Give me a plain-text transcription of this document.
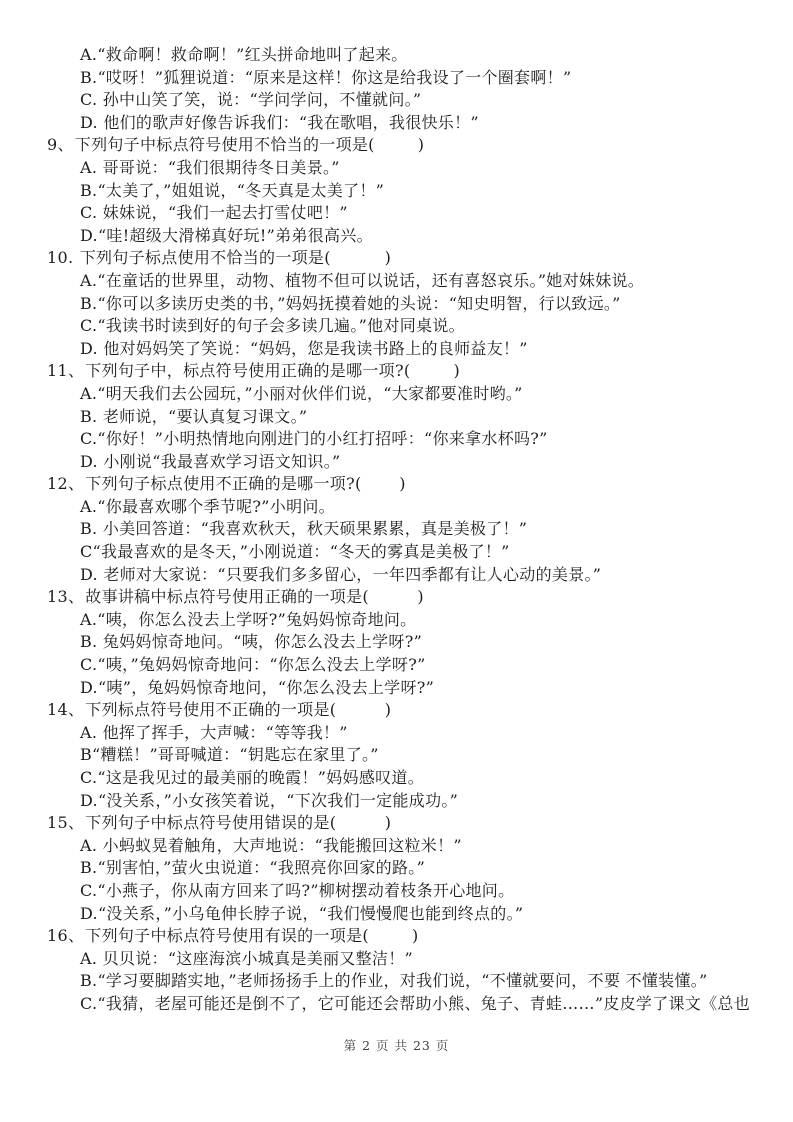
A.“救命啊！救命啊！”红头拼命地叫了起来。
B.“哎呀！”狐狸说道：“原来是这样！你这是给我设了一个圈套啊！”
C. 孙中山笑了笑，说：“学问学问，不懂就问。”
D. 他们的歌声好像告诉我们：“我在歌唱，我很快乐！”
9、下列句子中标点符号使用不恰当的一项是(        )
A. 哥哥说：“我们很期待冬日美景。”
B.“太美了，”姐姐说，“冬天真是太美了！”
C. 妹妹说，“我们一起去打雪仗吧！”
D.“哇!超级大滑梯真好玩!”弟弟很高兴。
10. 下列句子标点使用不恰当的一项是(          )
A.“在童话的世界里，动物、植物不但可以说话，还有喜怒哀乐。”她对妹妹说。
B.“你可以多读历史类的书，”妈妈抚摸着她的头说：“知史明智，行以致远。”
C.“我读书时读到好的句子会多读几遍。”他对同桌说。
D. 他对妈妈笑了笑说：“妈妈，您是我读书路上的良师益友！”
11、下列句子中，标点符号使用正确的是哪一项?(        )
A.“明天我们去公园玩，”小丽对伙伴们说，“大家都要准时哟。”
B. 老师说，“要认真复习课文。”
C.“你好！”小明热情地向刚进门的小红打招呼：“你来拿水杯吗?”
D. 小刚说“我最喜欢学习语文知识。”
12、下列句子标点使用不正确的是哪一项?(       )
A.“你最喜欢哪个季节呢?”小明问。
B. 小美回答道：“我喜欢秋天，秋天硕果累累，真是美极了！”
C“我最喜欢的是冬天，”小刚说道：“冬天的雾真是美极了！”
D. 老师对大家说：“只要我们多多留心，一年四季都有让人心动的美景。”
13、故事讲稿中标点符号使用正确的一项是(         )
A.“咦，你怎么没去上学呀?”兔妈妈惊奇地问。
B. 兔妈妈惊奇地问。“咦，你怎么没去上学呀?”
C.“咦，”兔妈妈惊奇地问：“你怎么没去上学呀?”
D.“咦”，兔妈妈惊奇地问，“你怎么没去上学呀?”
14、下列标点符号使用不正确的一项是(         )
A. 他挥了挥手，大声喊：“等等我！”
B“糟糕！”哥哥喊道：“钥匙忘在家里了。”
C.“这是我见过的最美丽的晚霞！”妈妈感叹道。
D.“没关系，”小女孩笑着说，“下次我们一定能成功。”
15、下列句子中标点符号使用错误的是(         )
A. 小蚂蚁晃着触角，大声地说：“我能搬回这粒米！”
B.“别害怕，”萤火虫说道：“我照亮你回家的路。”
C.“小燕子，你从南方回来了吗?”柳树摆动着枝条开心地问。
D.“没关系，”小乌龟伸长脖子说，“我们慢慢爬也能到终点的。”
16、下列句子中标点符号使用有误的一项是(        )
A. 贝贝说：“这座海滨小城真是美丽又整洁！”
B.“学习要脚踏实地，”老师扬扬手上的作业，对我们说，“不懂就要问，不要 不懂装懂。”
C.“我猜，老屋可能还是倒不了，它可能还会帮助小熊、兔子、青蛙……”皮皮学了课文《总也
第 2 页 共 23 页
